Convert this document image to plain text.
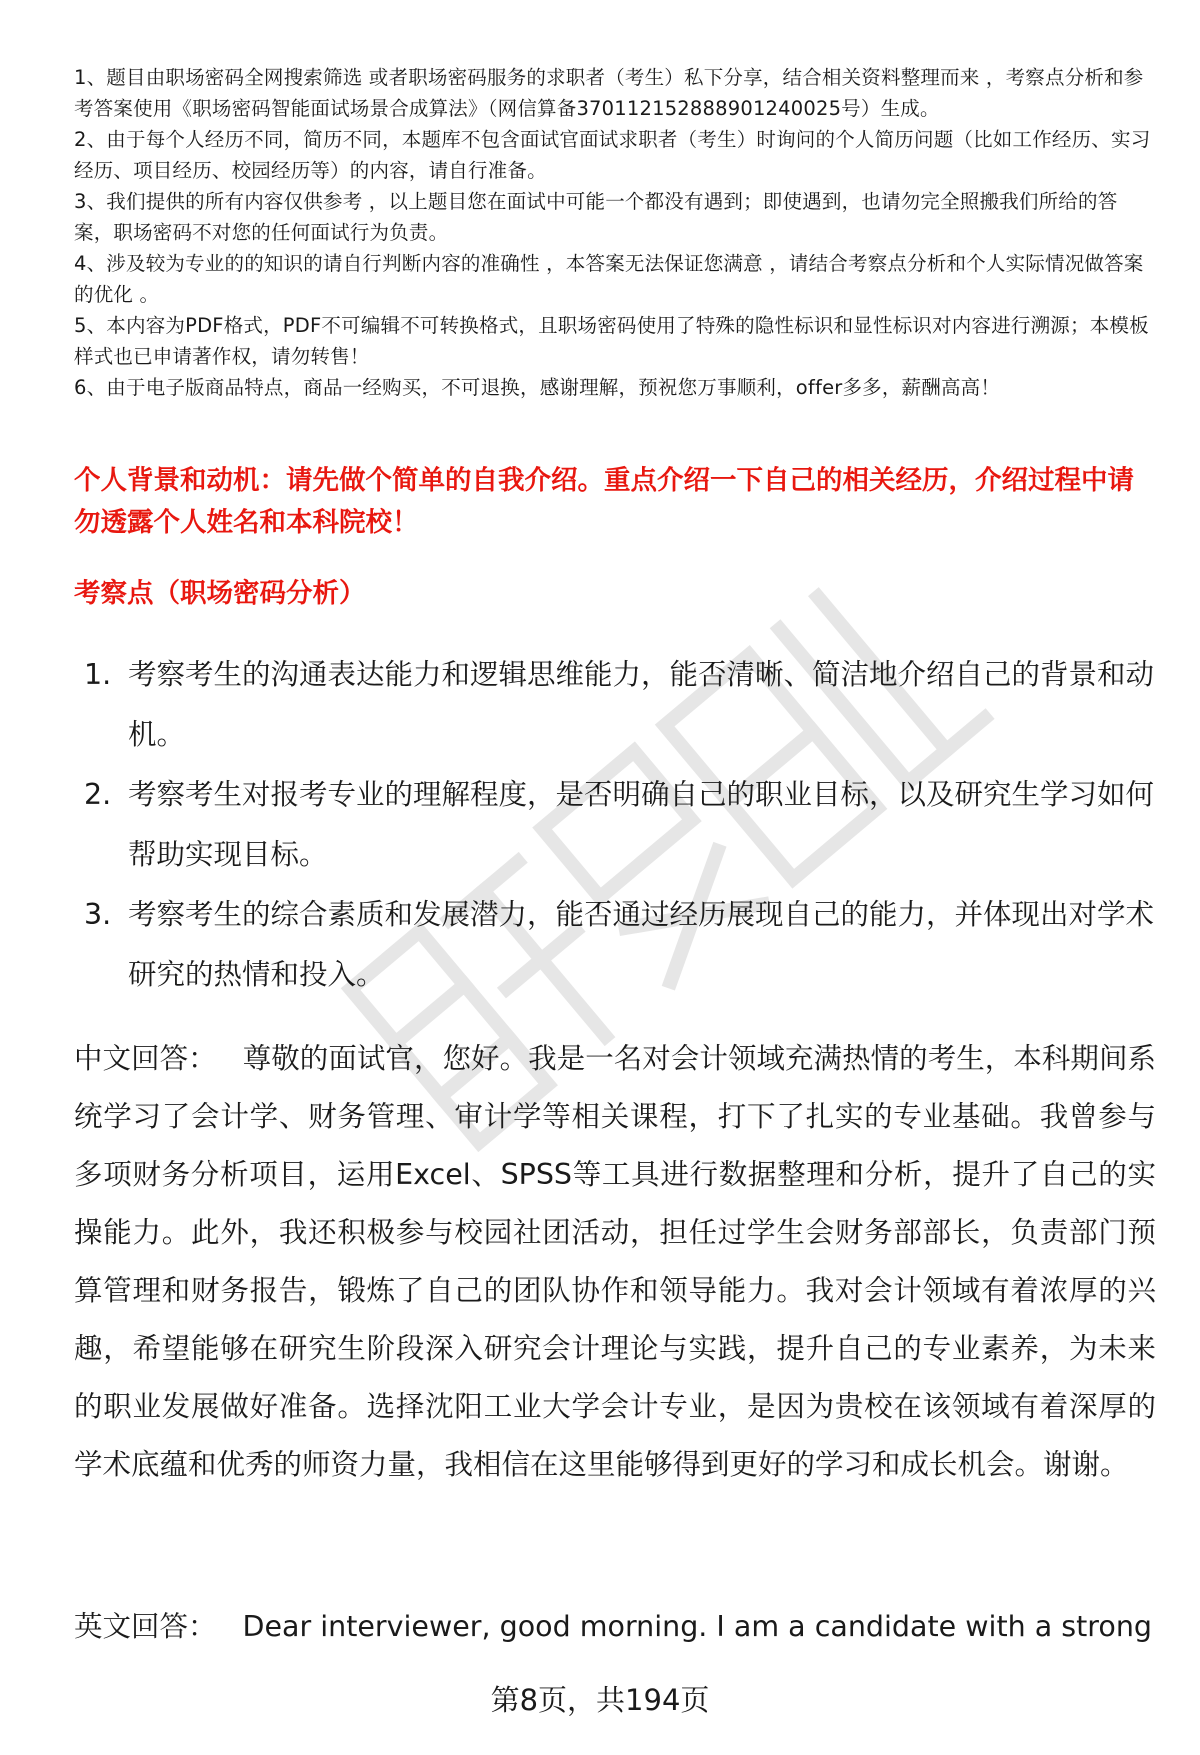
1、题目由职场密码全网搜索筛选 或者职场密码服务的求职者（考生）私下分享，结合相关资料整理而来 ，考察点分析和参考答案使用《职场密码智能面试场景合成算法》（网信算备370112152888901240025号）生成。

2、由于每个人经历不同，简历不同，本题库不包含面试官面试求职者（考生）时询问的个人简历问题（比如工作经历、实习经历、项目经历、校园经历等）的内容，请自行准备。

3、我们提供的所有内容仅供参考 ，以上题目您在面试中可能一个都没有遇到；即使遇到，也请勿完全照搬我们所给的答案，职场密码不对您的任何面试行为负责。

4、涉及较为专业的的知识的请自行判断内容的准确性 ，本答案无法保证您满意 ，请结合考察点分析和个人实际情况做答案的优化 。

5、本内容为PDF格式，PDF不可编辑不可转换格式，且职场密码使用了特殊的隐性标识和显性标识对内容进行溯源；本模板样式也已申请著作权，请勿转售！

6、由于电子版商品特点，商品一经购买，不可退换，感谢理解，预祝您万事顺利，offer多多，薪酬高高！

个人背景和动机：请先做个简单的自我介绍。重点介绍一下自己的相关经历，介绍过程中请勿透露个人姓名和本科院校！
考察点（职场密码分析）
1. 考察考生的沟通表达能力和逻辑思维能力，能否清晰、简洁地介绍自己的背景和动机。
2. 考察考生对报考专业的理解程度，是否明确自己的职业目标，以及研究生学习如何帮助实现目标。
3. 考察考生的综合素质和发展潜力，能否通过经历展现自己的能力，并体现出对学术研究的热情和投入。

中文回答： 尊敬的面试官，您好。我是一名对会计领域充满热情的考生，本科期间系统学习了会计学、财务管理、审计学等相关课程，打下了扎实的专业基础。我曾参与多项财务分析项目，运用Excel、SPSS等工具进行数据整理和分析，提升了自己的实操能力。此外，我还积极参与校园社团活动，担任过学生会财务部部长，负责部门预算管理和财务报告，锻炼了自己的团队协作和领导能力。我对会计领域有着浓厚的兴趣，希望能够在研究生阶段深入研究会计理论与实践，提升自己的专业素养，为未来的职业发展做好准备。选择沈阳工业大学会计专业，是因为贵校在该领域有着深厚的学术底蕴和优秀的师资力量，我相信在这里能够得到更好的学习和成长机会。谢谢。

英文回答： Dear interviewer, good morning. I am a candidate with a strong

第8页，共194页
